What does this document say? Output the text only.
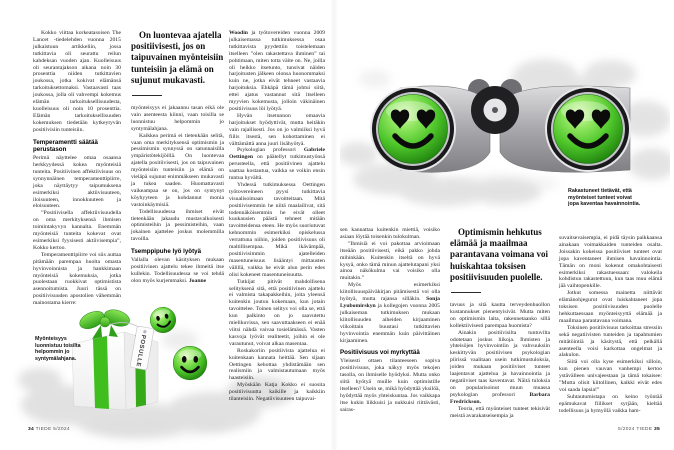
Kokko viittaa korkeatasoisen The Lancet -tiedelehden vuonna 2015 julkaistuun artikkeliin, jossa tutkittavia oli seurattu reilun kahdeksan vuoden ajan. Kuolleisuus oli seurantajakson aikana noin 30 prosenttia niiden tutkittavien joukossa, jotka kokivat elämänsä tarkoituksettomaksi. Vastaavasti taas joukossa, jolla oli vahvempi kokemus elämän tarkoituksellisuudesta, kuolleisuus oli noin 10 prosenttia. Elämän tarkoituksellisuuden kokemuksen tiedetään kytkeytyvän positiivisiin tunteisiin.

Temperamentti säätää perustason

Perimä näyttelee omaa osaansa herkkyydessä kokea myönteisiä tunteita. Positiivinen affektiivisuus on synnynnäinen temperamenttipiirre, joka näyttäytyy taipumuksena esimerkiksi aktiivisuuteen, iloisuuteen, innokkuuteen ja eloisuuteen.

”Positiivisella affektiivisuudella on oma merkityksensä ihmisen toimintakyvyn kannalta. Enemmän myönteisiä tunteita kokevat ovat esimerkiksi fyysisesti aktiivisempia”, Kokko kertoo.

Temperamenttipiirre voi siis auttaa pitämään parempaa huolta omasta hyvinvoinnista ja hankkimaan myönteisiä kokemuksia, jotka puolestaan ruokkivat optimistista asennoitumista. Juuri tässä on positiivisuuden apostolien vähemmän mainostama kierre:

On luontevaa ajatella positiivisesti, jos on taipuvainen myönteisiin tunteisiin ja elämä on sujunut mukavasti.

myönteisyys ei jakaannu tasan eikä ole vain asenteesta kiinni, vaan toisilla se luonnistuu helpommin jo syntymälahjana.

Kaikkea perimä ei tietenkään selitä, vaan oma merkityksensä optimismin ja pessimismin synnyssä on satunnaisilla ympäristötekijöillä. On luontevaa ajatella positiivisesti, jos on taipuvainen myönteisiin tunteisiin ja elämä on vieläpä sujunut enimmäkseen mukavasti ja tukea saaden. Huomattavasti vaikeampaa se on, jos on syntynyt köyhyyteen ja kohdannut monia vastoinkäymisiä.

Todellisuudessa ihmiset eivät tietenkään jakaudu mustavalkoisesti optimisteihin ja pessimisteihin, vaan jokainen ajattelee joskus molemmilla tavoilla.

Tsemppipuhe lyö lyötyä

Vallalla olevan käsityksen mukaan positiivinen ajattelu tekee ihmeitä itse kullekin. Todellisuudessa se voi tehdä olon myös kurjemmaksi. Joanne

Woodin ja työtovereiden vuonna 2009 julkaisemassa tutkimuksessa osaa tutkittavista pyydettiin toistelemaan itselleen ”olen rakastettava ihminen” tai pohtimaan, miten totta väite on. Ne, joilla oli heikko itsetunto, tunsivat näiden harjoitusten jälkeen olonsa huonommaksi kuin ne, jotka eivät tehneet vastaavia harjoituksia. Ehkäpä tämä johtui siitä, ettei ajatus vastannut sitä itselleen myyvien kokemusta, jolloin väkinäinen positiivisuus löi lyötyä.

Hyvän itsetunnon omaavia harjoitukset hyödyttivät, mutta heitäkin vain rajallisesti. Jos on jo valmiiksi hyvä fiilis itsestä, sen kohottaminen ei välttämättä anna juuri lisähyötyä.

Psykologian professori Gabriele Oettingen on päätellyt tutkimustyönsä perusteella, että positiivinen ajattelu saattaa kostautua, vaikka se voikin ensin tuntua hyvältä.

Yhdessä tutkimuksessa Oettingen työtovereineen pyysi tutkittavia visualisoimaan tavoitteitaan. Mitä positiivisemmin he niitä maalailivat, sitä todennäköisemmin he eivät olleet kuukausien päästä tehneet mitään tavoitteidensa eteen. He myös suoriutuvat kehnommin esimerkiksi opiskelussa verrattuna niihin, joiden positiivisuus oli maltillisempaa. Mikä ikävämpää, positiivisimmin ajatelleiden masentuneisuus lisääntyi mittausten välillä, vaikka he eivät alun perin edes olisi kokeneet masentuneisuutta.

Tutkijat pitivät mahdollisena selityksenä sitä, että positiivinen ajattelu ei valmista takapakkeihin, joita yleensä kuitenkin joutuu kokemaan, kun jotain tavoittelee. Toinen selitys voi olla se, että kun palkinto on jo saavutettu mielikuvissa, sen saavuttaakseen ei enää viitsi nähdä vaivaa tosielämässä. Vasten kasvoja lyövät realiteetit, joihin ei ole varautunut, voivat alkaa masentaa.

Roskakoriin positiivista ajattelua ei kuitenkaan kannata heittää. Sen sijaan Oettingen kehottaa yhdistämään sen realismiin ja valmistautumaan myös haasteisiin.

Myöskään Katja Kokko ei suosita positiivisuutta kaikille ja kaikkiin tilanteisiin. Negatiivisuuteen taipuvai-

POSULLE
Myönteisyys luonnistuu toisilta helpommin jo syntymälahjana.
34 TIEDE 5/2024
Rakastuneet tietävät, että myönteiset tunteet voivat jopa kaventaa havainnointia.

sen kannattaa kuitenkin miettiä, voisiko asiaan löytää toisenkin tulokulman.

”Ihmisiä ei voi pakottaa arvioimaan itseään positiivisesti, eikä pakko johda mihinkään. Kuitenkin itseltä on hyvä kysyä, onko tämä minun ajattelutapani yksi ainoa näkökulma vai voisiko olla muitakin.”

Myös esimerkiksi kiitollisuuspäiväkirjan pitämisestä voi olla hyötyä, mutta rajansa silläkin. Sonja Lyubomirskyn ja kollegojen vuonna 2005 julkaiseman tutkimuksen mukaan kiitollisuuden aiheiden kirjaaminen viikoittain buustasi tutkittavien hyvinvointia enemmän kuin päivittäinen kirjaaminen.

Positiivisuus voi myrkyttää

Yleisesti ottaen tilanteeseen sopiva positiivisuus, joka näkyy myös tekojen tasolla, on ihmiselle hyödyksi. Mutta onko siitä hyötyä muille kuin optimistille itselleen? Usein se, mikä hyödyttää yksilöä, hyödyttää myös yhteiskuntaa. Jos vaikkapa itse kukin liikkuisi ja nukkuisi riittävästi, sairas-

Optimismin hehkutus elämää ja maailmaa parantavana voimana voi huiskahtaa toksisen positiivisuuden puolelle.

tavuus ja sitä kautta terveydenhuollon kustannukset pienentyisivät. Mutta miten on optimismin laita, rakennetaanko sillä kollektiivisesti parempaa huomista?

Ainakin positiivisilta tuntuvilta odotetaan joskus liikoja. Ihmisten ja yhteisöjen hyvinvointiin ja vahvuuksiin keskittyvän positiivisen psykologian piirissä vaalitaan usein tutkimustuloksia, joiden mukaan positiiviset tunteet laajentavat ajattelua ja havainnointia ja negatiiviset taas kaventavat. Näitä tuloksia on popularisoinut muun muassa psykologian professori Barbara Fredrickson.

Teoria, että myönteiset tunteet tekisivät meistä avarakatseisempia ja

suvaitsevaisempia, ei pidä täysin paikkaansa ainakaan voimakkaiden tunteiden osalta. Joissakin kokeissa positiiviset tunteet ovat jopa kaventaneet ihmisen havainnointia. Tämän on moni kokenut omakohtaisesti esimerkiksi rakastuessaan: valokeila kohdistuu rakastettuun, kun taas muu elämä jää vaihtopenkille.

Jotkut somessa mainetta niittävät elämänohjegurut ovat luiskahtaneet jopa toksisen positiivisuuden puolelle hehkuttaessaan myönteisyyttä elämää ja maailmaa parantavana voimana.

Toksinen positiivisuus tarkoittaa stressiin sekä negatiivisten tunteiden ja tapahtumien mitätöintiä ja käsitystä, että pelkällä asenteella voisi karkottaa ongelmat ja alakulon.

Siitä voi olla kyse esimerkiksi silloin, kun pienen vauvan vanhempi kertoo ystävälleen univajeestaan ja tämä tokaisee: ”Mutta olisit kiitollinen, kaikki eivät edes voi saada lapsia!”

Suhtautumistapa on keino työntää epämukavat fiilikset syrjään, kieltää todellisuus ja hymyillä vaikka ham-

5/2024 TIEDE 35
